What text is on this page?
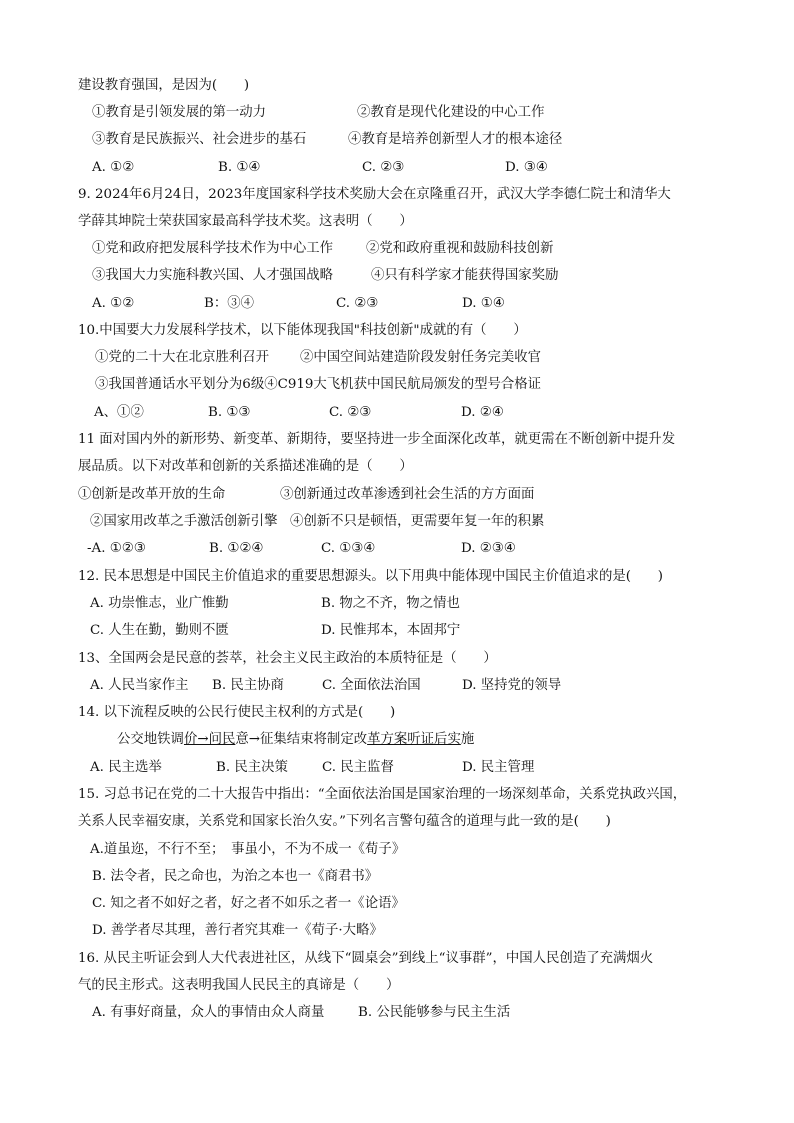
建设教育强国，是因为(　　)
①教育是引领发展的第一动力	②教育是现代化建设的中心工作
③教育是民族振兴、社会进步的基石	④教育是培养创新型人才的根本途径
A. ①②	B. ①④	C. ②③	D. ③④
9. 2024年6月24日，2023年度国家科学技术奖励大会在京隆重召开，武汉大学李德仁院士和清华大
学薛其坤院士荣获国家最高科学技术奖。这表明（　　）
①党和政府把发展科学技术作为中心工作 ②党和政府重视和鼓励科技创新
③我国大力实施科教兴国、人才强国战略	④只有科学家才能获得国家奖励
A. ①②	B：③④	C. ②③	D. ①④
10.中国要大力发展科学技术，以下能体现我国"科技创新"成就的有（　　）
①党的二十大在北京胜利召开 ②中国空间站建造阶段发射任务完美收官
③我国普通话水平划分为6级④C919大飞机获中国民航局颁发的型号合格证
A、①②	B. ①③	C. ②③	D. ②④
11 面对国内外的新形势、新变革、新期待，要坚持进一步全面深化改革，就更需在不断创新中提升发
展品质。以下对改革和创新的关系描述准确的是（　　）
①创新是改革开放的生命	③创新通过改革渗透到社会生活的方方面面
②国家用改革之手激活创新引擎 ④创新不只是顿悟，更需要年复一年的积累
-A. ①②③	B. ①②④	C. ①③④	D. ②③④
12. 民本思想是中国民主价值追求的重要思想源头。以下用典中能体现中国民主价值追求的是(　　)
A. 功崇惟志，业广惟勤	B. 物之不齐，物之情也
C. 人生在勤，勤则不匮	D. 民惟邦本，本固邦宁
13、全国两会是民意的荟萃，社会主义民主政治的本质特征是（　　）
A. 人民当家作主 B. 民主协商	C. 全面依法治国	D. 坚持党的领导
14. 以下流程反映的公民行使民主权利的方式是(　　)
公交地铁调价→问民意→征集结束将制定改革方案听证后实施
A. 民主选举	B. 民主决策	C. 民主监督	D. 民主管理
15. 习总书记在党的二十大报告中指出：“全面依法治国是国家治理的一场深刻革命，关系党执政兴国，
关系人民幸福安康，关系党和国家长治久安。”下列名言警句蕴含的道理与此一致的是(　　)
A.道虽迩，不行不至；　事虽小，不为不成一《荀子》
B. 法令者，民之命也，为治之本也一《商君书》
C. 知之者不如好之者，好之者不如乐之者一《论语》
D. 善学者尽其理，善行者究其难一《荀子·大略》
16. 从民主听证会到人大代表进社区，从线下“圆桌会”到线上“议事群”，中国人民创造了充满烟火
气的民主形式。这表明我国人民民主的真谛是（　　）
A. 有事好商量，众人的事情由众人商量	B. 公民能够参与民主生活
